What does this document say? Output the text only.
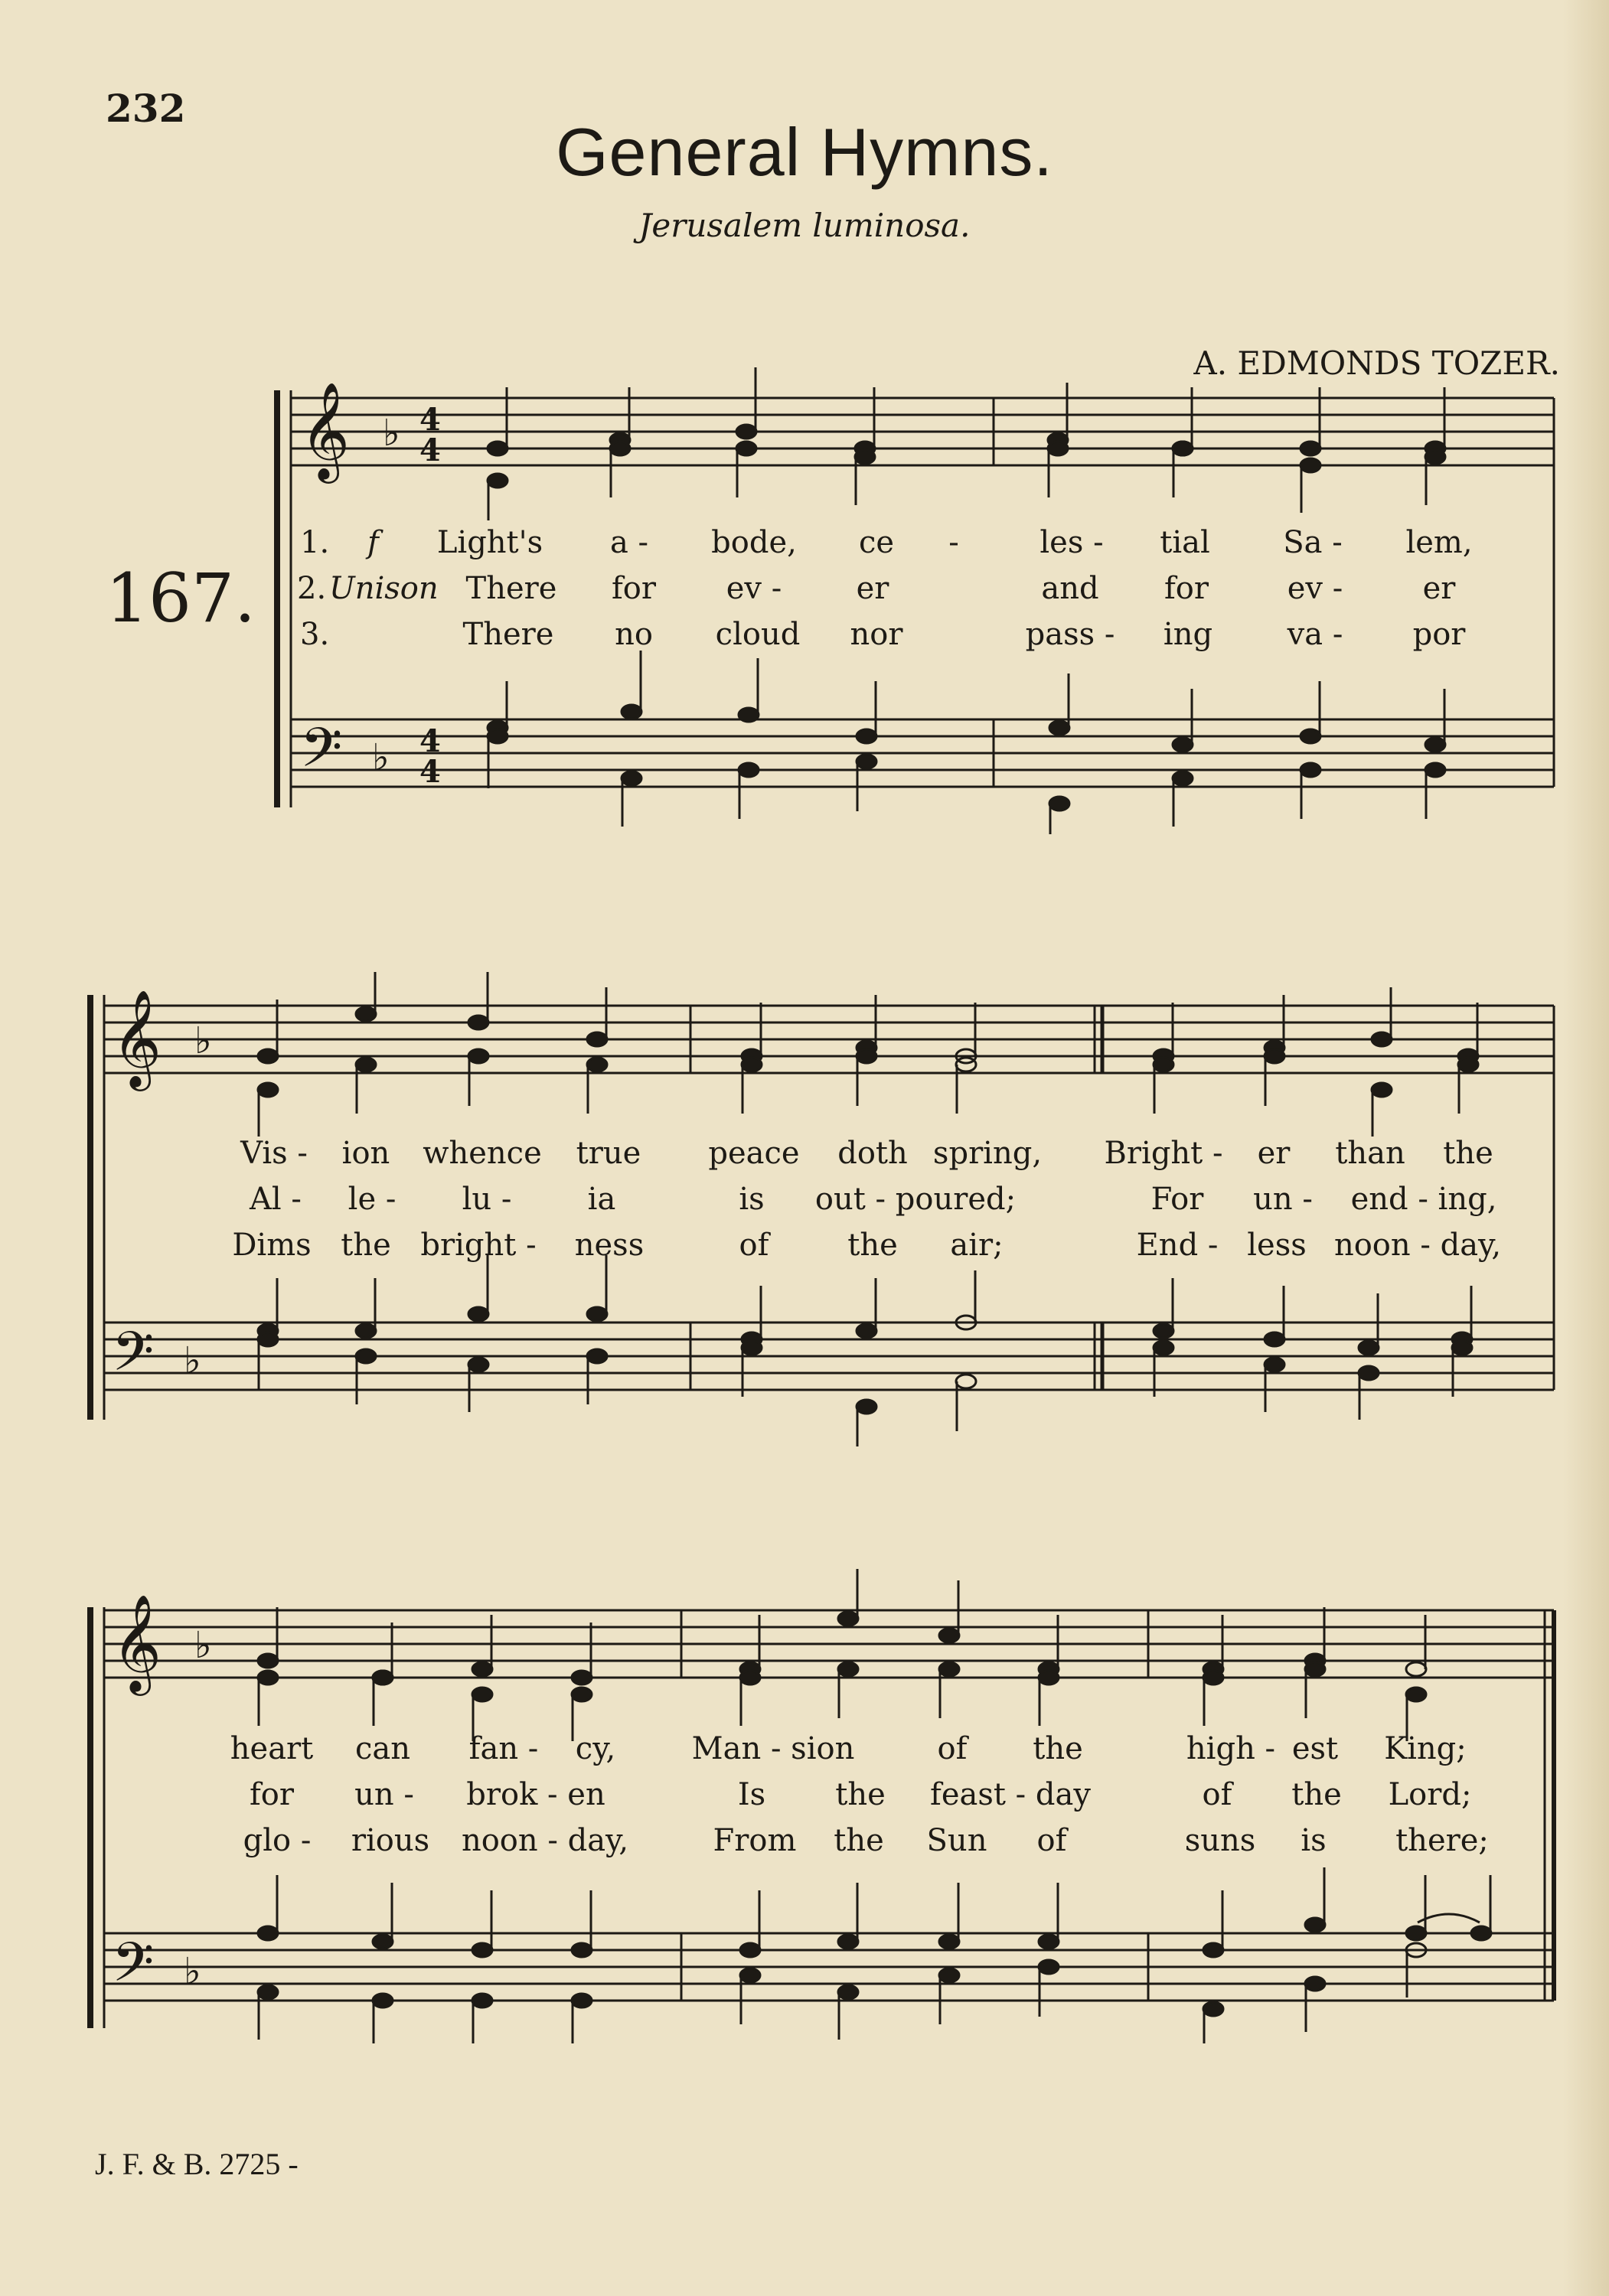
232
General Hymns.
Jerusalem luminosa.
A. EDMONDS TOZER.
167.
𝄞 ♭ 4
4
𝄢 ♭ 4
4
1. f Light's a - bode, ce -	les - tial Sa - lem,
2. Unison There for ev - er	and for	ev -	er
3.	There no cloud nor	pass - ing va - por
𝄞 ♭
𝄢 ♭
Vis - ion whence true peace doth spring, Bright - er than the
Al - le - lu - ia	is out - poured;	For un - end - ing,
Dims the bright - ness	of	the air;	End - less noon - day,
𝄞 ♭
𝄢 ♭
heart can fan - cy, Man - sion	of the	high - est King;
for un - brok - en	Is the feast - day	of the Lord;
glo - rious noon - day,	From the Sun of	suns is there;
J. F. & B. 2725 -
